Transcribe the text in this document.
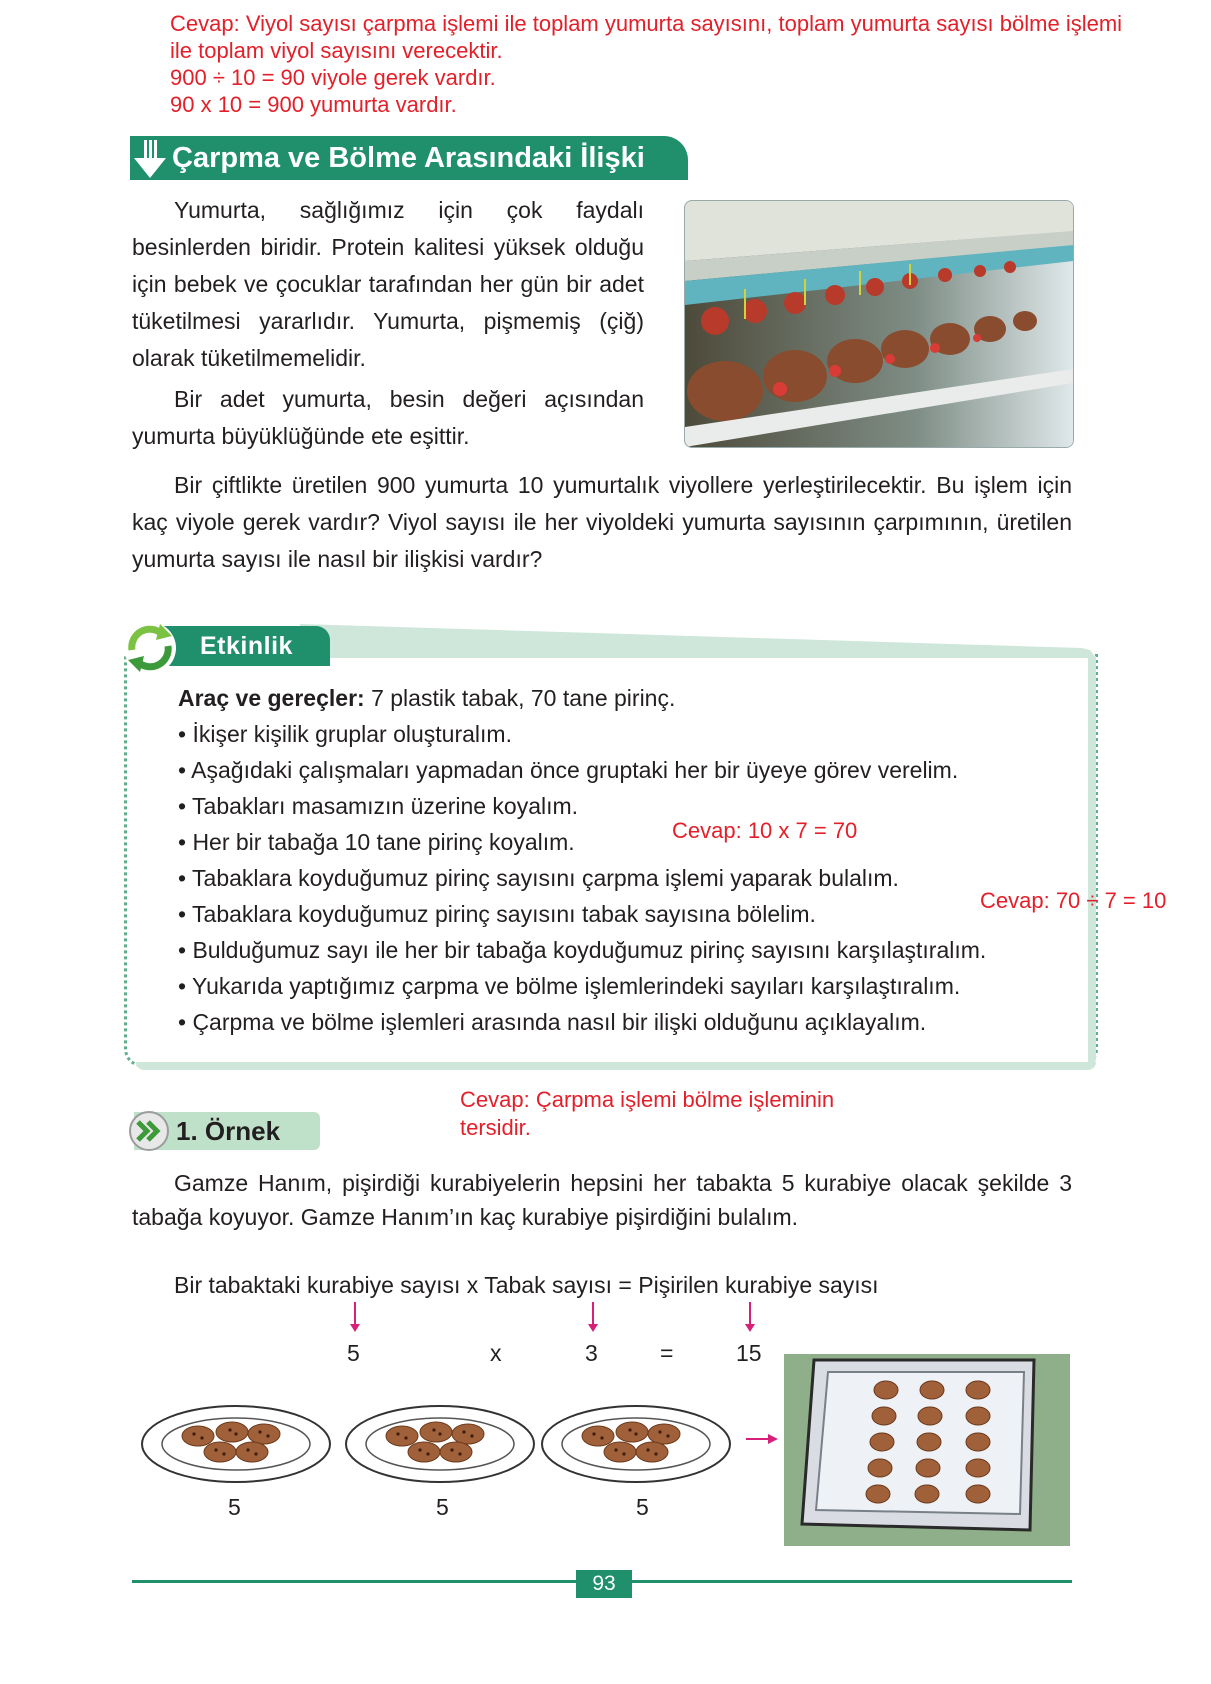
Cevap: Viyol sayısı çarpma işlemi ile toplam yumurta sayısını, toplam yumurta sayısı bölme işlemi
ile toplam viyol sayısını verecektir.
900 ÷ 10 = 90 viyole gerek vardır.
90 x 10 = 900 yumurta vardır.
Çarpma ve Bölme Arasındaki İlişki

Yumurta, sağlığımız için çok faydalı besinlerden biridir. Protein kalitesi yüksek olduğu için bebek ve çocuklar tarafından her gün bir adet tüketilmesi yararlıdır. Yumurta, pişmemiş (çiğ) olarak tüketilmemelidir.

Bir adet yumurta, besin değeri açısından yumurta büyüklüğünde ete eşittir.

Bir çiftlikte üretilen 900 yumurta 10 yumurtalık viyollere yerleştirilecektir. Bu işlem için kaç viyole gerek vardır? Viyol sayısı ile her viyoldeki yumurta sayısının çarpımının, üretilen yumurta sayısı ile nasıl bir ilişkisi vardır?

Etkinlik
Araç ve gereçler: 7 plastik tabak, 70 tane pirinç.
• İkişer kişilik gruplar oluşturalım.
• Aşağıdaki çalışmaları yapmadan önce gruptaki her bir üyeye görev verelim.
• Tabakları masamızın üzerine koyalım.
• Her bir tabağa 10 tane pirinç koyalım.
• Tabaklara koyduğumuz pirinç sayısını çarpma işlemi yaparak bulalım.
• Tabaklara koyduğumuz pirinç sayısını tabak sayısına bölelim.
• Bulduğumuz sayı ile her bir tabağa koyduğumuz pirinç sayısını karşılaştıralım.
• Yukarıda yaptığımız çarpma ve bölme işlemlerindeki sayıları karşılaştıralım.
• Çarpma ve bölme işlemleri arasında nasıl bir ilişki olduğunu açıklayalım.
Cevap: 10 x 7 = 70
Cevap: 70 ÷ 7 = 10
1. Örnek
Cevap: Çarpma işlemi bölme işleminin
tersidir.

Gamze Hanım, pişirdiği kurabiyelerin hepsini her tabakta 5 kurabiye olacak şekilde 3 tabağa koyuyor. Gamze Hanım’ın kaç kurabiye pişirdiğini bulalım.

Bir tabaktaki kurabiye sayısı x Tabak sayısı = Pişirilen kurabiye sayısı
5	x	3	=	15
5	5	5
93
